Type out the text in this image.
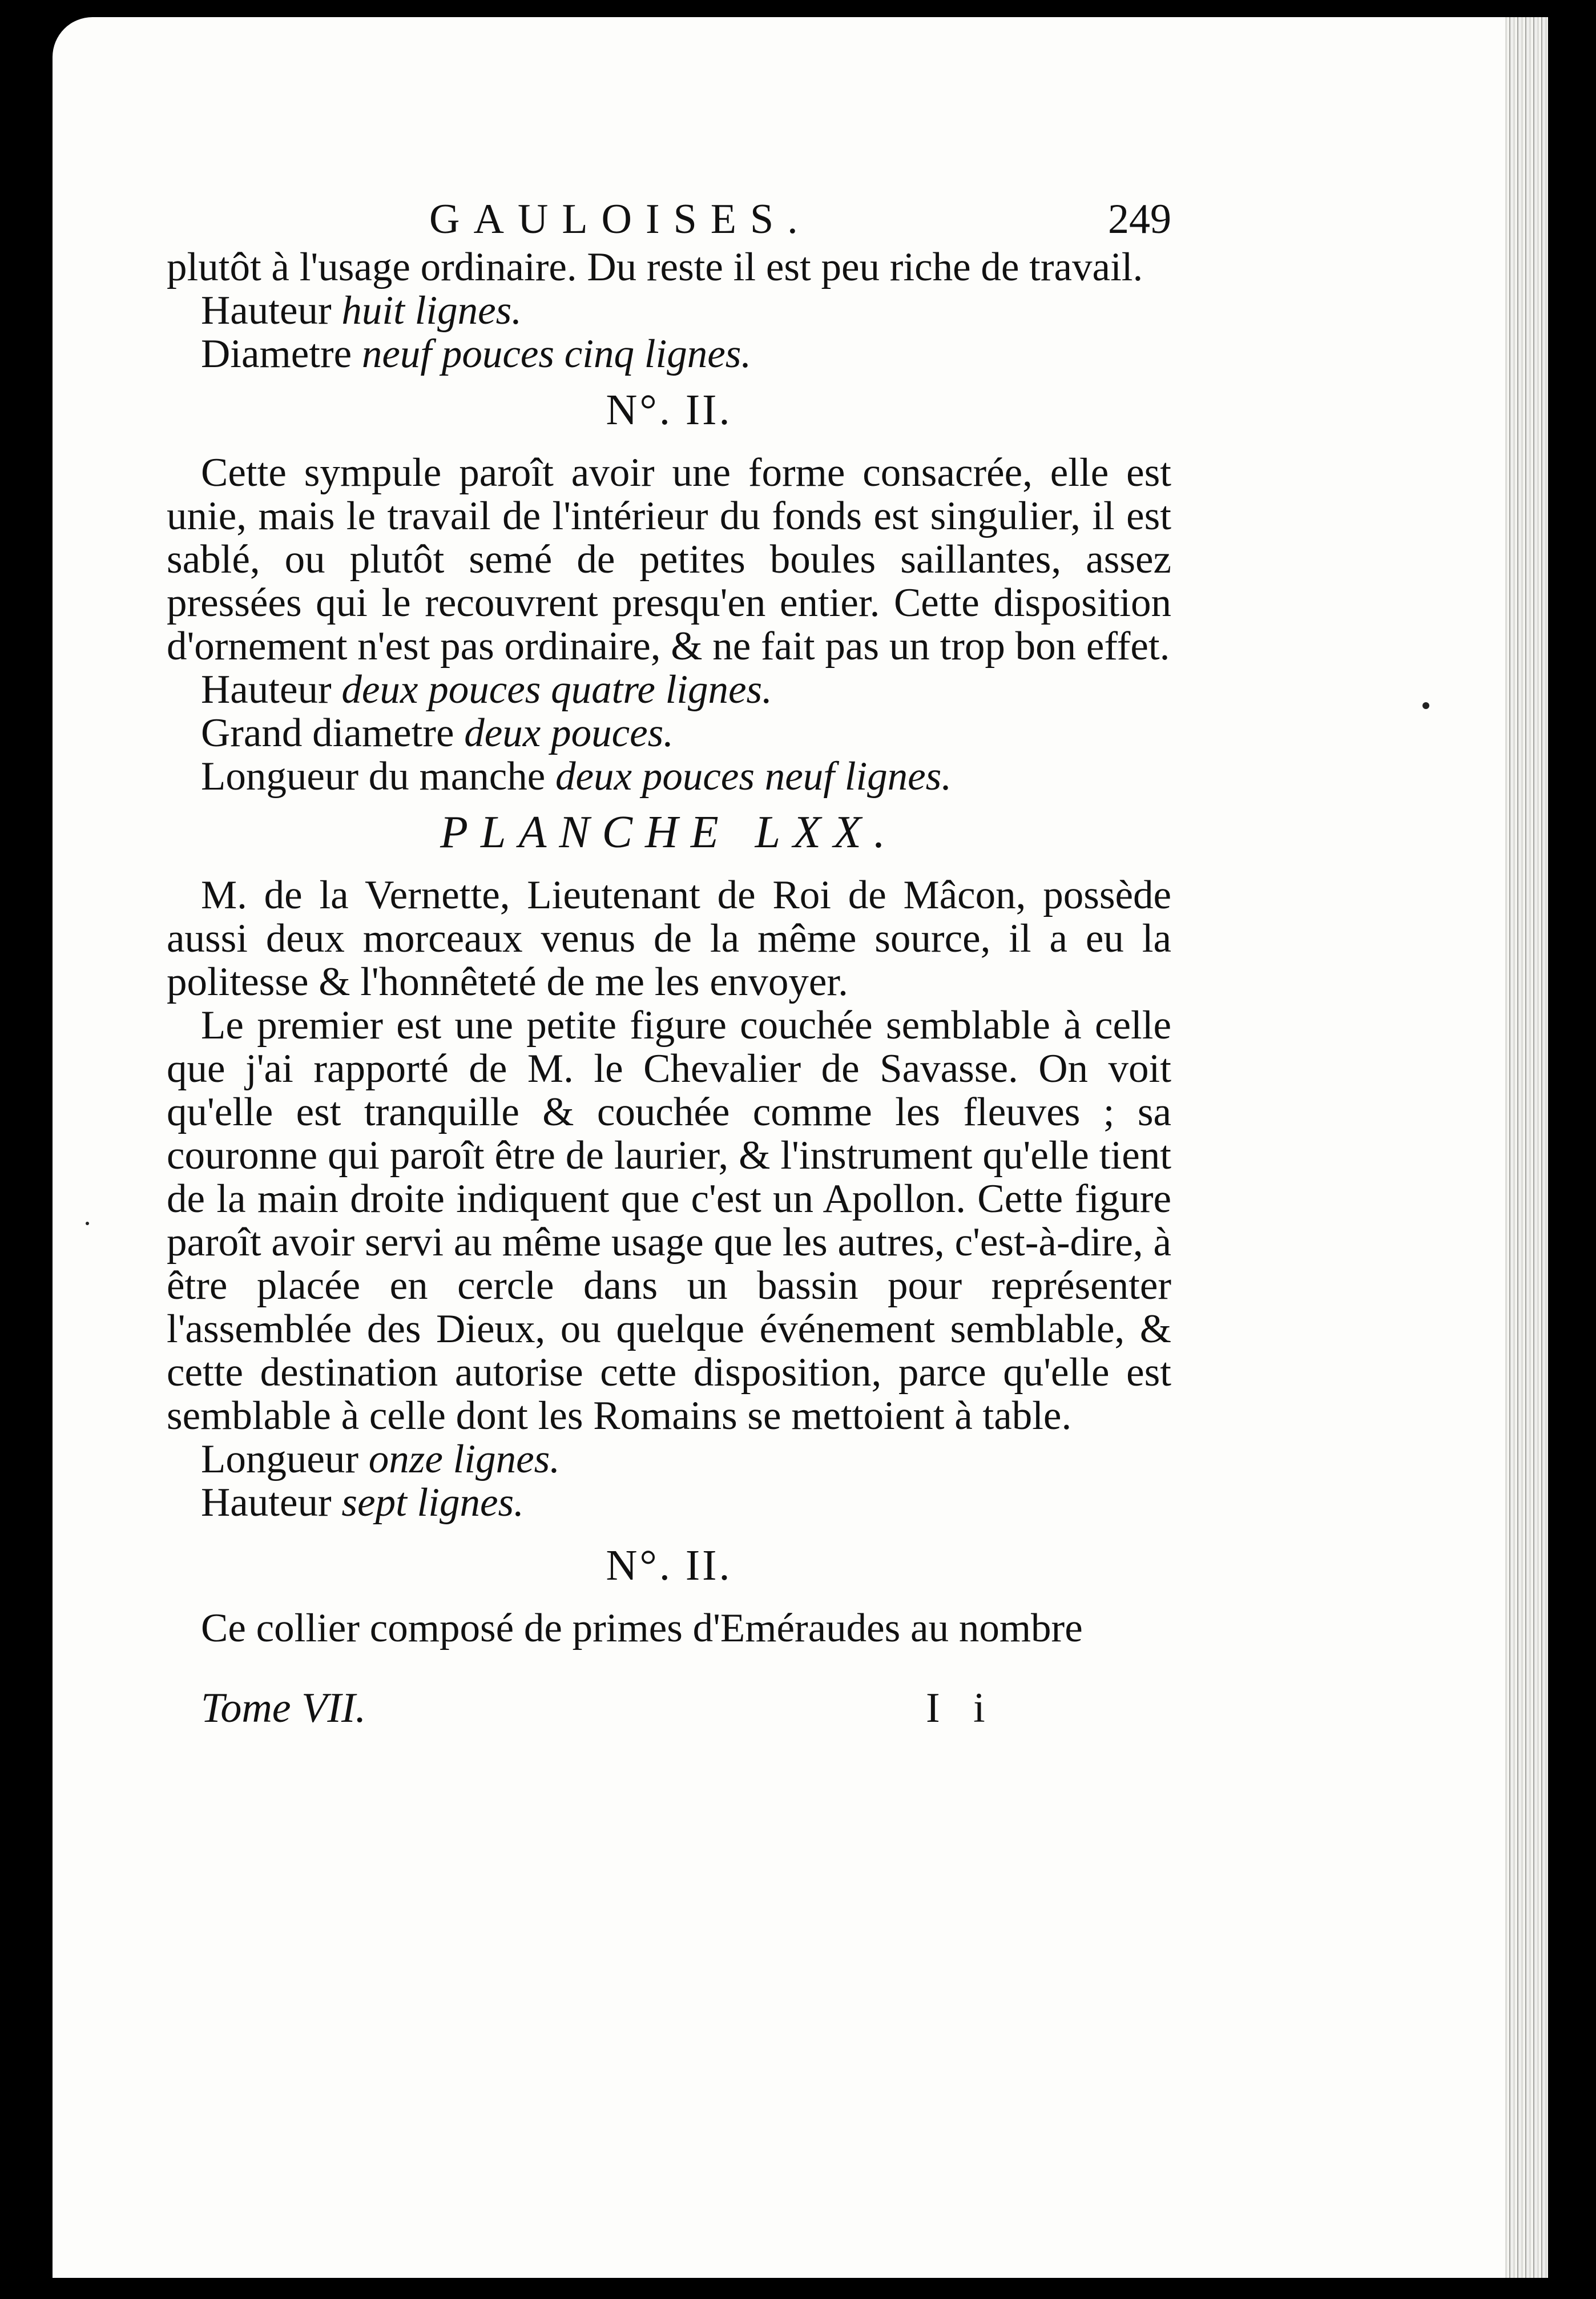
GAULOISES.	249

plutôt à l'usage ordinaire. Du reste il est peu riche de travail.

Hauteur huit lignes.

Diametre neuf pouces cinq lignes.

N°. II.

Cette sympule paroît avoir une forme consacrée, elle est unie, mais le travail de l'intérieur du fonds est singulier, il est sablé, ou plutôt semé de petites boules saillantes, assez pressées qui le recouvrent presqu'en entier. Cette disposition d'ornement n'est pas ordinaire, & ne fait pas un trop bon effet.

Hauteur deux pouces quatre lignes.

Grand diametre deux pouces.

Longueur du manche deux pouces neuf lignes.

PLANCHE LXX.

M. de la Vernette, Lieutenant de Roi de Mâcon, possède aussi deux morceaux venus de la même source, il a eu la politesse & l'honnêteté de me les envoyer.

Le premier est une petite figure couchée semblable à celle que j'ai rapporté de M. le Chevalier de Savasse. On voit qu'elle est tranquille & couchée comme les fleuves ; sa couronne qui paroît être de laurier, & l'instrument qu'elle tient de la main droite indiquent que c'est un Apollon. Cette figure paroît avoir servi au même usage que les autres, c'est-à-dire, à être placée en cercle dans un bassin pour représenter l'assemblée des Dieux, ou quelque événement semblable, & cette destination autorise cette disposition, parce qu'elle est semblable à celle dont les Romains se mettoient à table.

Longueur onze lignes.

Hauteur sept lignes.

N°. II.

Ce collier composé de primes d'Eméraudes au nombre

Tome VII.	I i
